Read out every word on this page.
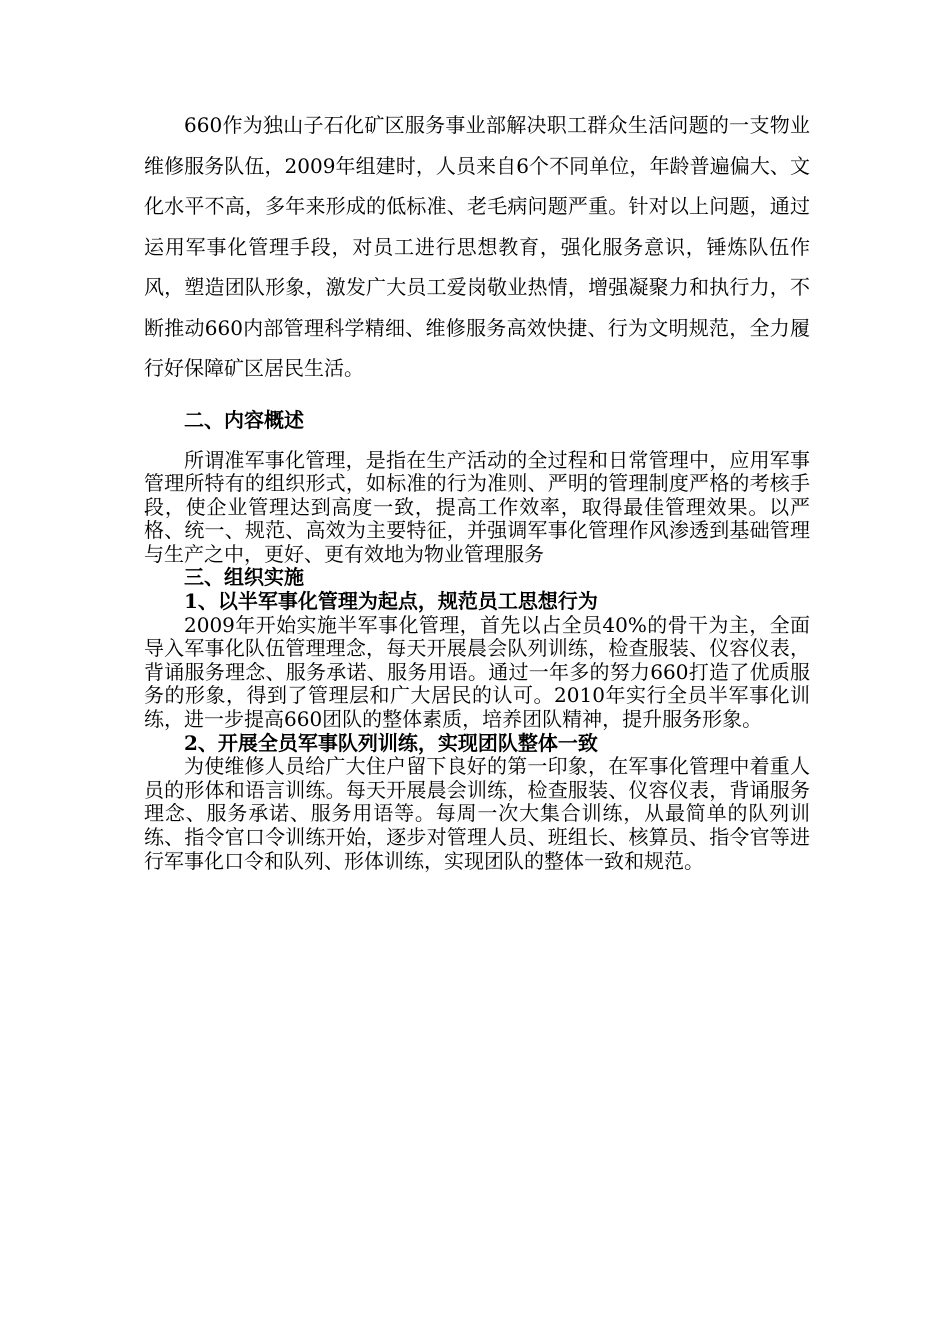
660作为独山子石化矿区服务事业部解决职工群众生活问题的一支物业维修服务队伍，2009年组建时，人员来自6个不同单位，年龄普遍偏大、文化水平不高，多年来形成的低标准、老毛病问题严重。针对以上问题，通过运用军事化管理手段，对员工进行思想教育，强化服务意识，锤炼队伍作风，塑造团队形象，激发广大员工爱岗敬业热情，增强凝聚力和执行力，不断推动660内部管理科学精细、维修服务高效快捷、行为文明规范，全力履行好保障矿区居民生活。

二、内容概述

所谓准军事化管理，是指在生产活动的全过程和日常管理中，应用军事管理所特有的组织形式，如标准的行为准则、严明的管理制度严格的考核手段，使企业管理达到高度一致，提高工作效率，取得最佳管理效果。以严格、统一、规范、高效为主要特征，并强调军事化管理作风渗透到基础管理与生产之中，更好、更有效地为物业管理服务

三、组织实施
1、以半军事化管理为起点，规范员工思想行为

2009年开始实施半军事化管理，首先以占全员40%的骨干为主，全面导入军事化队伍管理理念，每天开展晨会队列训练，检查服装、仪容仪表，背诵服务理念、服务承诺、服务用语。通过一年多的努力660打造了优质服务的形象，得到了管理层和广大居民的认可。2010年实行全员半军事化训练，进一步提高660团队的整体素质，培养团队精神，提升服务形象。

2、开展全员军事队列训练，实现团队整体一致

为使维修人员给广大住户留下良好的第一印象，在军事化管理中着重人员的形体和语言训练。每天开展晨会训练，检查服装、仪容仪表，背诵服务理念、服务承诺、服务用语等。每周一次大集合训练，从最简单的队列训练、指令官口令训练开始，逐步对管理人员、班组长、核算员、指令官等进行军事化口令和队列、形体训练，实现团队的整体一致和规范。
